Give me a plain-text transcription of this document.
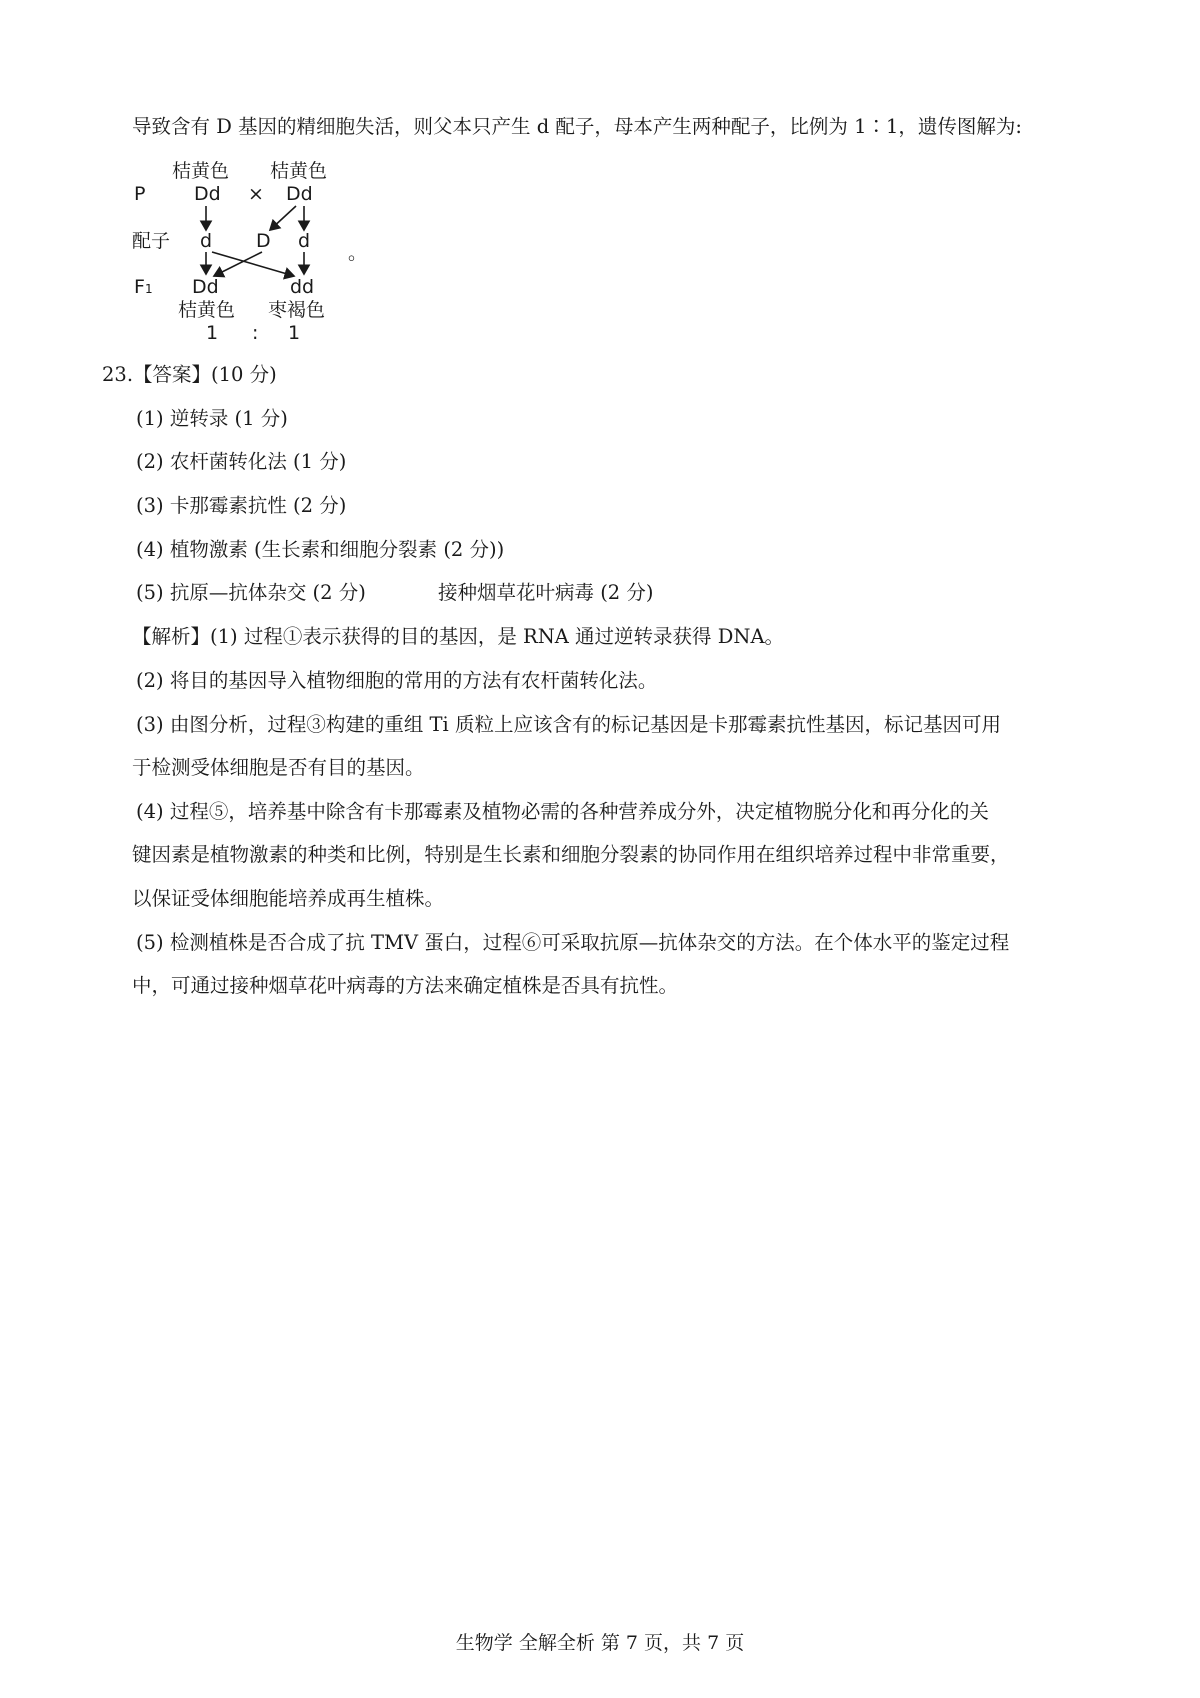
导致含有 D 基因的精细胞失活，则父本只产生 d 配子，母本产生两种配子，比例为 1∶1，遗传图解为:
桔黄色 桔黄色
P	Dd × Dd
配子 d D d
F1 Dd	dd
。
桔黄色 枣褐色
1 : 1
23.【答案】(10 分)
(1) 逆转录 (1 分)
(2) 农杆菌转化法 (1 分)
(3) 卡那霉素抗性 (2 分)
(4) 植物激素 (生长素和细胞分裂素 (2 分))
(5) 抗原—抗体杂交 (2 分)	接种烟草花叶病毒 (2 分)
【解析】(1) 过程①表示获得的目的基因，是 RNA 通过逆转录获得 DNA。
(2) 将目的基因导入植物细胞的常用的方法有农杆菌转化法。
(3) 由图分析，过程③构建的重组 Ti 质粒上应该含有的标记基因是卡那霉素抗性基因，标记基因可用
于检测受体细胞是否有目的基因。
(4) 过程⑤，培养基中除含有卡那霉素及植物必需的各种营养成分外，决定植物脱分化和再分化的关
键因素是植物激素的种类和比例，特别是生长素和细胞分裂素的协同作用在组织培养过程中非常重要，
以保证受体细胞能培养成再生植株。
(5) 检测植株是否合成了抗 TMV 蛋白，过程⑥可采取抗原—抗体杂交的方法。在个体水平的鉴定过程
中，可通过接种烟草花叶病毒的方法来确定植株是否具有抗性。
生物学 全解全析 第 7 页，共 7 页
